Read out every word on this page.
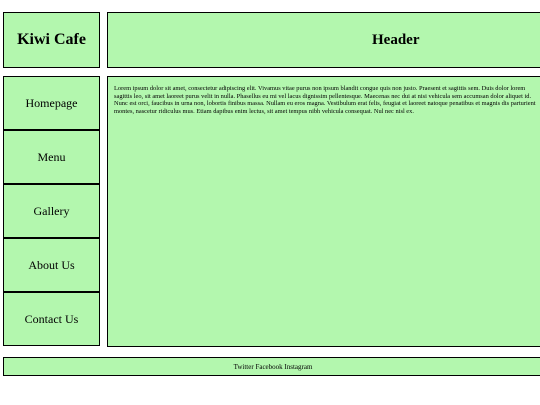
Kiwi Cafe	Header
Homepage
Menu
Gallery
About Us
Contact Us

Lorem ipsum dolor sit amet, consectetur adipiscing elit. Vivamus vitae purus non ipsum blandit congue quis non justo. Praesent et sagittis sem. Duis dolor lorem sagittis leo, sit amet laoreet purus velit in nulla. Phasellus eu mi vel lacus dignissim pellentesque. Maecenas nec dui at nisi vehicula sem accumsan dolor aliquet id. Nunc est orci, faucibus in urna non, lobortis finibus massa. Nullam eu eros magna. Vestibulum erat felis, feugiat et laoreet natoque penatibus et magnis dis parturient montes, nascetur ridiculus mus. Etiam dapibus enim lectus, sit amet tempus nibh vehicula consequat. Nul nec nisl ex.

Twitter Facebook Instagram
